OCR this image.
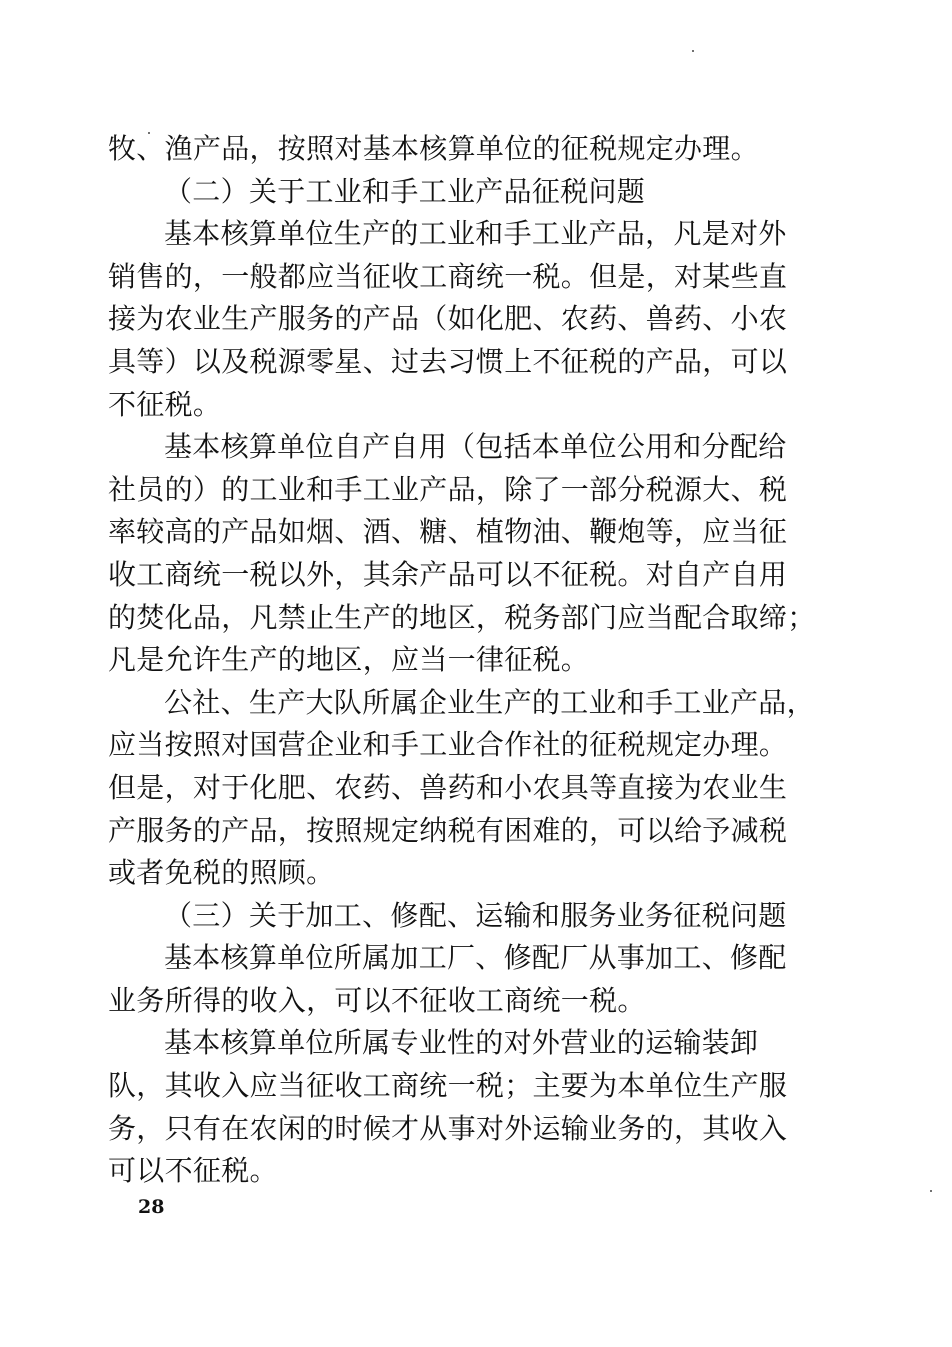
牧、渔产品，按照对基本核算单位的征税规定办理。
（二）关于工业和手工业产品征税问题
基本核算单位生产的工业和手工业产品，凡是对外
销售的，一般都应当征收工商统一税。但是，对某些直
接为农业生产服务的产品（如化肥、农药、兽药、小农
具等）以及税源零星、过去习惯上不征税的产品，可以
不征税。
基本核算单位自产自用（包括本单位公用和分配给
社员的）的工业和手工业产品，除了一部分税源大、税
率较高的产品如烟、酒、糖、植物油、鞭炮等，应当征
收工商统一税以外，其余产品可以不征税。对自产自用
的焚化品，凡禁止生产的地区，税务部门应当配合取缔；
凡是允许生产的地区，应当一律征税。
公社、生产大队所属企业生产的工业和手工业产品，
应当按照对国营企业和手工业合作社的征税规定办理。
但是，对于化肥、农药、兽药和小农具等直接为农业生
产服务的产品，按照规定纳税有困难的，可以给予减税
或者免税的照顾。
（三）关于加工、修配、运输和服务业务征税问题
基本核算单位所属加工厂、修配厂从事加工、修配
业务所得的收入，可以不征收工商统一税。
基本核算单位所属专业性的对外营业的运输装卸
队，其收入应当征收工商统一税；主要为本单位生产服
务，只有在农闲的时候才从事对外运输业务的，其收入
可以不征税。
28
